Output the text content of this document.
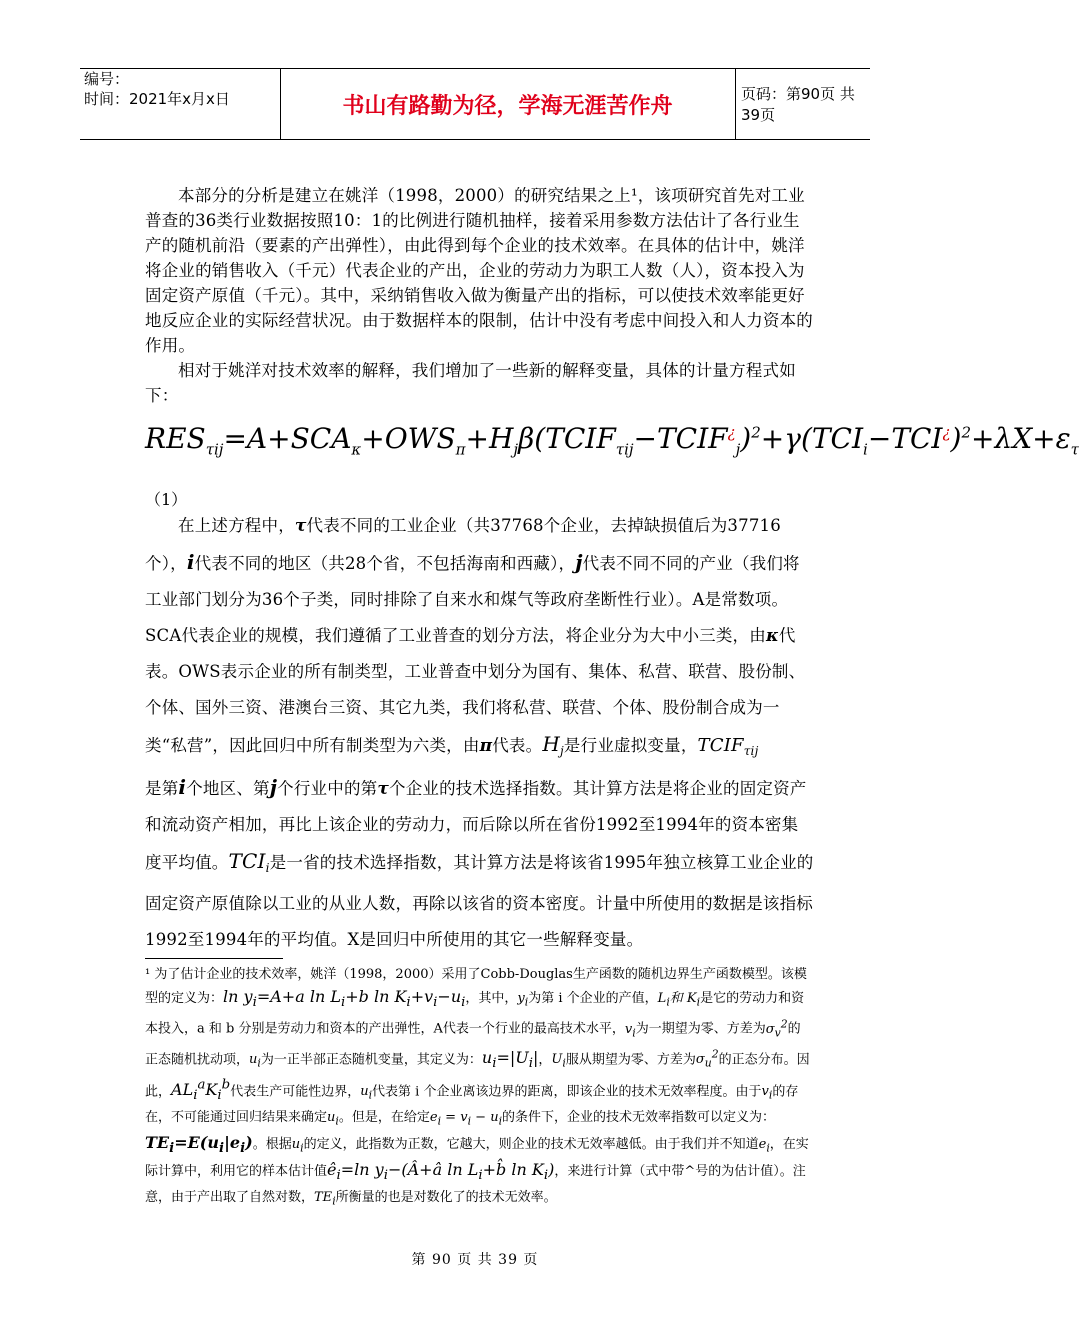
编号：
时间：2021年x月x日	书山有路勤为径，学海无涯苦作舟	页码：第90页 共39页

本部分的分析是建立在姚洋（1998，2000）的研究结果之上¹，该项研究首先对工业普查的36类行业数据按照10：1的比例进行随机抽样，接着采用参数方法估计了各行业生产的随机前沿（要素的产出弹性），由此得到每个企业的技术效率。在具体的估计中，姚洋将企业的销售收入（千元）代表企业的产出，企业的劳动力为职工人数（人），资本投入为固定资产原值（千元）。其中，采纳销售收入做为衡量产出的指标，可以使技术效率能更好地反应企业的实际经营状况。由于数据样本的限制，估计中没有考虑中间投入和人力资本的作用。

相对于姚洋对技术效率的解释，我们增加了一些新的解释变量，具体的计量方程式如下：

$RES_{\tau ij}=A+SCA_\kappa+OWS_\pi+H_j\beta(TCIF_{\tau ij}-TCIF^¿_j)^2+\gamma(TCI_i-TCI^¿)^2+\lambda X+\varepsilon_\tau$
（1）

在上述方程中，τ代表不同的工业企业（共37768个企业，去掉缺损值后为37716个），i代表不同的地区（共28个省，不包括海南和西藏），j代表不同不同的产业（我们将工业部门划分为36个子类，同时排除了自来水和煤气等政府垄断性行业）。A是常数项。SCA代表企业的规模，我们遵循了工业普查的划分方法，将企业分为大中小三类，由κ代表。OWS表示企业的所有制类型，工业普查中划分为国有、集体、私营、联营、股份制、个体、国外三资、港澳台三资、其它九类，我们将私营、联营、个体、股份制合成为一类“私营”，因此回归中所有制类型为六类，由π代表。$H_j$是行业虚拟变量，$TCIF_{\tau ij}$
是第i个地区、第j个行业中的第τ个企业的技术选择指数。其计算方法是将企业的固定资产和流动资产相加，再比上该企业的劳动力，而后除以所在省份1992至1994年的资本密集度平均值。$TCI_i$是一省的技术选择指数，其计算方法是将该省1995年独立核算工业企业的固定资产原值除以工业的从业人数，再除以该省的资本密度。计量中所使用的数据是该指标1992至1994年的平均值。X是回归中所使用的其它一些解释变量。

¹ 为了估计企业的技术效率，姚洋（1998，2000）采用了Cobb-Douglas生产函数的随机边界生产函数模型。该模型的定义为：$\ln y_i=A+a$ $\ln L_i+b$ $\ln K_i+v_i-u_i$，其中，$y_i$为第 i 个企业的产值，$L_i$和 $K_i$是它的劳动力和资本投入，a 和 b 分别是劳动力和资本的产出弹性，A代表一个行业的最高技术水平，$v_i$为一期望为零、方差为$\sigma_v^2$的正态随机扰动项，$u_i$为一正半部正态随机变量，其定义为：$u_i=|U_i|$，$U_i$服从期望为零、方差为$\sigma_u^2$的正态分布。因此，$AL_i^aK_i^b$代表生产可能性边界，$u_i$代表第 i 个企业离该边界的距离，即该企业的技术无效率程度。由于$v_i$的存在，不可能通过回归结果来确定$u_i$。但是，在给定$e_i = v_i - u_i$的条件下，企业的技术无效率指数可以定义为：$TE_i=E(u_i|e_i)$。根据$u_i$的定义，此指数为正数，它越大，则企业的技术无效率越低。由于我们并不知道$e_i$，在实际计算中，利用它的样本估计值$ê_i=\ln$ $y_i-(Â+â$ $\ln L_i+b̂$ $\ln K_i$)，来进行计算（式中带^号的为估计值）。注意，由于产出取了自然对数，$TE_i$所衡量的也是对数化了的技术无效率。

第 90 页 共 39 页
